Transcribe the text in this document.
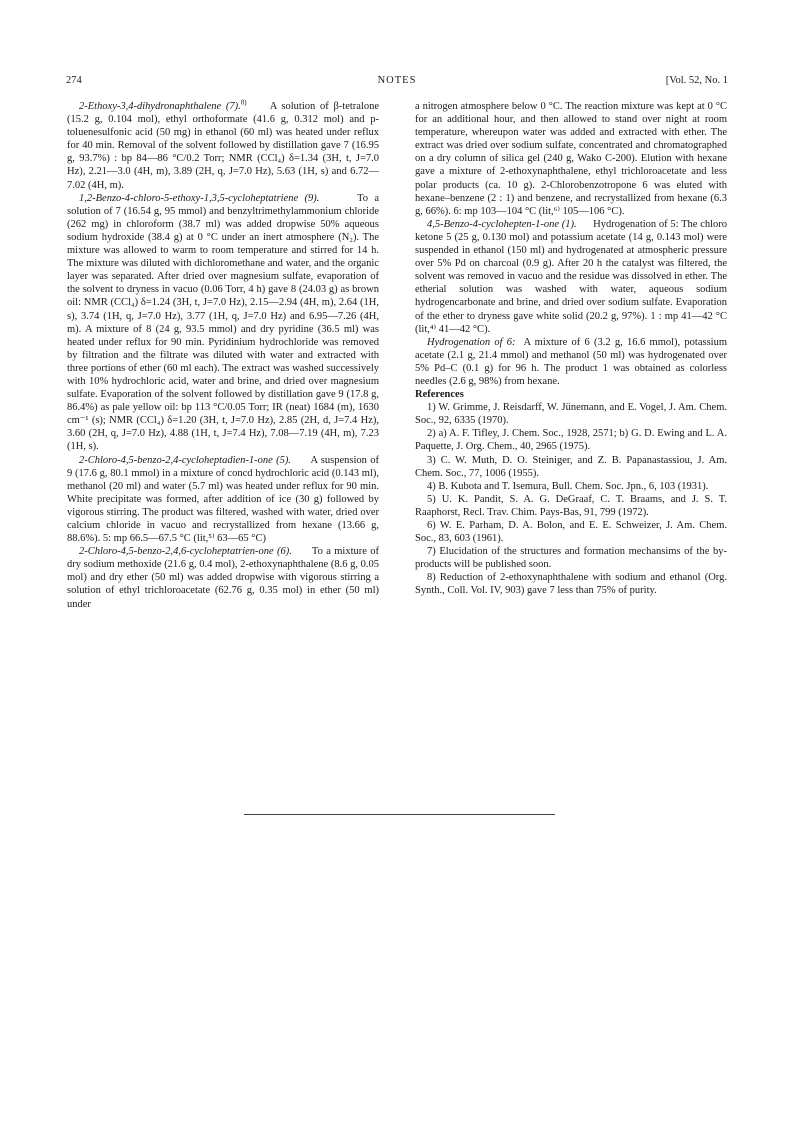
274	NOTES	[Vol. 52, No. 1

2-Ethoxy-3,4-dihydronaphthalene (7).$^{8)}$ A solution of β-tetralone (15.2 g, 0.104 mol), ethyl orthoformate (41.6 g, 0.312 mol) and p-toluenesulfonic acid (50 mg) in ethanol (60 ml) was heated under reflux for 40 min. Removal of the solvent followed by distillation gave 7 (16.95 g, 93.7%) : bp 84—86 °C/0.2 Torr; NMR (CCl₄) δ=1.34 (3H, t, J=7.0 Hz), 2.21—3.0 (4H, m), 3.89 (2H, q, J=7.0 Hz), 5.63 (1H, s) and 6.72—7.02 (4H, m).

1,2-Benzo-4-chloro-5-ethoxy-1,3,5-cycloheptatriene (9).	To a solution of 7 (16.54 g, 95 mmol) and benzyltrimethylammonium chloride (262 mg) in chloroform (38.7 ml) was added dropwise 50% aqueous sodium hydroxide (38.4 g) at 0 °C under an inert atmosphere (N₂). The mixture was allowed to warm to room temperature and stirred for 14 h. The mixture was diluted with dichloromethane and water, and the organic layer was separated. After dried over magnesium sulfate, evaporation of the solvent to dryness in vacuo (0.06 Torr, 4 h) gave 8 (24.03 g) as brown oil: NMR (CCl₄) δ=1.24 (3H, t, J=7.0 Hz), 2.15—2.94 (4H, m), 2.64 (1H, s), 3.74 (1H, q, J=7.0 Hz), 3.77 (1H, q, J=7.0 Hz) and 6.95—7.26 (4H, m). A mixture of 8 (24 g, 93.5 mmol) and dry pyridine (36.5 ml) was heated under reflux for 90 min. Pyridinium hydrochloride was removed by filtration and the filtrate was diluted with water and extracted with three portions of ether (60 ml each). The extract was washed successively with 10% hydrochloric acid, water and brine, and dried over magnesium sulfate. Evaporation of the solvent followed by distillation gave 9 (17.8 g, 86.4%) as pale yellow oil: bp 113 °C/0.05 Torr; IR (neat) 1684 (m), 1630 cm⁻¹ (s); NMR (CCl₄) δ=1.20 (3H, t, J=7.0 Hz), 2.85 (2H, d, J=7.4 Hz), 3.60 (2H, q, J=7.0 Hz), 4.88 (1H, t, J=7.4 Hz), 7.08—7.19 (4H, m), 7.23 (1H, s).

2-Chloro-4,5-benzo-2,4-cycloheptadien-1-one (5). A suspension of 9 (17.6 g, 80.1 mmol) in a mixture of concd hydrochloric acid (0.143 ml), methanol (20 ml) and water (5.7 ml) was heated under reflux for 90 min. White precipitate was formed, after addition of ice (30 g) followed by vigorous stirring. The product was filtered, washed with water, dried over calcium chloride in vacuo and recrystallized from hexane (13.66 g, 88.6%). 5: mp 66.5—67.5 °C (lit,⁵⁾ 63—65 °C)

2-Chloro-4,5-benzo-2,4,6-cycloheptatrien-one (6). To a mixture of dry sodium methoxide (21.6 g, 0.4 mol), 2-ethoxynaphthalene (8.6 g, 0.05 mol) and dry ether (50 ml) was added dropwise with vigorous stirring a solution of ethyl trichloroacetate (62.76 g, 0.35 mol) in ether (50 ml) under

a nitrogen atmosphere below 0 °C. The reaction mixture was kept at 0 °C for an additional hour, and then allowed to stand over night at room temperature, whereupon water was added and extracted with ether. The extract was dried over sodium sulfate, concentrated and chromatographed on a dry column of silica gel (240 g, Wako C-200). Elution with hexane gave a mixture of 2-ethoxynaphthalene, ethyl trichloroacetate and less polar products (ca. 10 g). 2-Chlorobenzotropone 6 was eluted with hexane–benzene (2 : 1) and benzene, and recrystallized from hexane (6.3 g, 66%). 6: mp 103—104 °C (lit,⁶⁾ 105—106 °C).

4,5-Benzo-4-cyclohepten-1-one (1). Hydrogenation of 5: The chloro ketone 5 (25 g, 0.130 mol) and potassium acetate (14 g, 0.143 mol) were suspended in ethanol (150 ml) and hydrogenated at atmospheric pressure over 5% Pd on charcoal (0.9 g). After 20 h the catalyst was filtered, the solvent was removed in vacuo and the residue was dissolved in ether. The etherial solution was washed with water, aqueous sodium hydrogencarbonate and brine, and dried over sodium sulfate. Evaporation of the ether to dryness gave white solid (20.2 g, 97%). 1 : mp 41—42 °C (lit,⁴⁾ 41—42 °C).

Hydrogenation of 6: A mixture of 6 (3.2 g, 16.6 mmol), potassium acetate (2.1 g, 21.4 mmol) and methanol (50 ml) was hydrogenated over 5% Pd–C (0.1 g) for 96 h. The product 1 was obtained as colorless needles (2.6 g, 98%) from hexane.

References

1) W. Grimme, J. Reisdarff, W. Jünemann, and E. Vogel, J. Am. Chem. Soc., 92, 6335 (1970).

2) a) A. F. Tifley, J. Chem. Soc., 1928, 2571; b) G. D. Ewing and L. A. Paquette, J. Org. Chem., 40, 2965 (1975).

3) C. W. Muth, D. O. Steiniger, and Z. B. Papanastassiou, J. Am. Chem. Soc., 77, 1006 (1955).

4) B. Kubota and T. Isemura, Bull. Chem. Soc. Jpn., 6, 103 (1931).

5) U. K. Pandit, S. A. G. DeGraaf, C. T. Braams, and J. S. T. Raaphorst, Recl. Trav. Chim. Pays-Bas, 91, 799 (1972).

6) W. E. Parham, D. A. Bolon, and E. E. Schweizer, J. Am. Chem. Soc., 83, 603 (1961).

7) Elucidation of the structures and formation mechansims of the by-products will be published soon.

8) Reduction of 2-ethoxynaphthalene with sodium and ethanol (Org. Synth., Coll. Vol. IV, 903) gave 7 less than 75% of purity.
